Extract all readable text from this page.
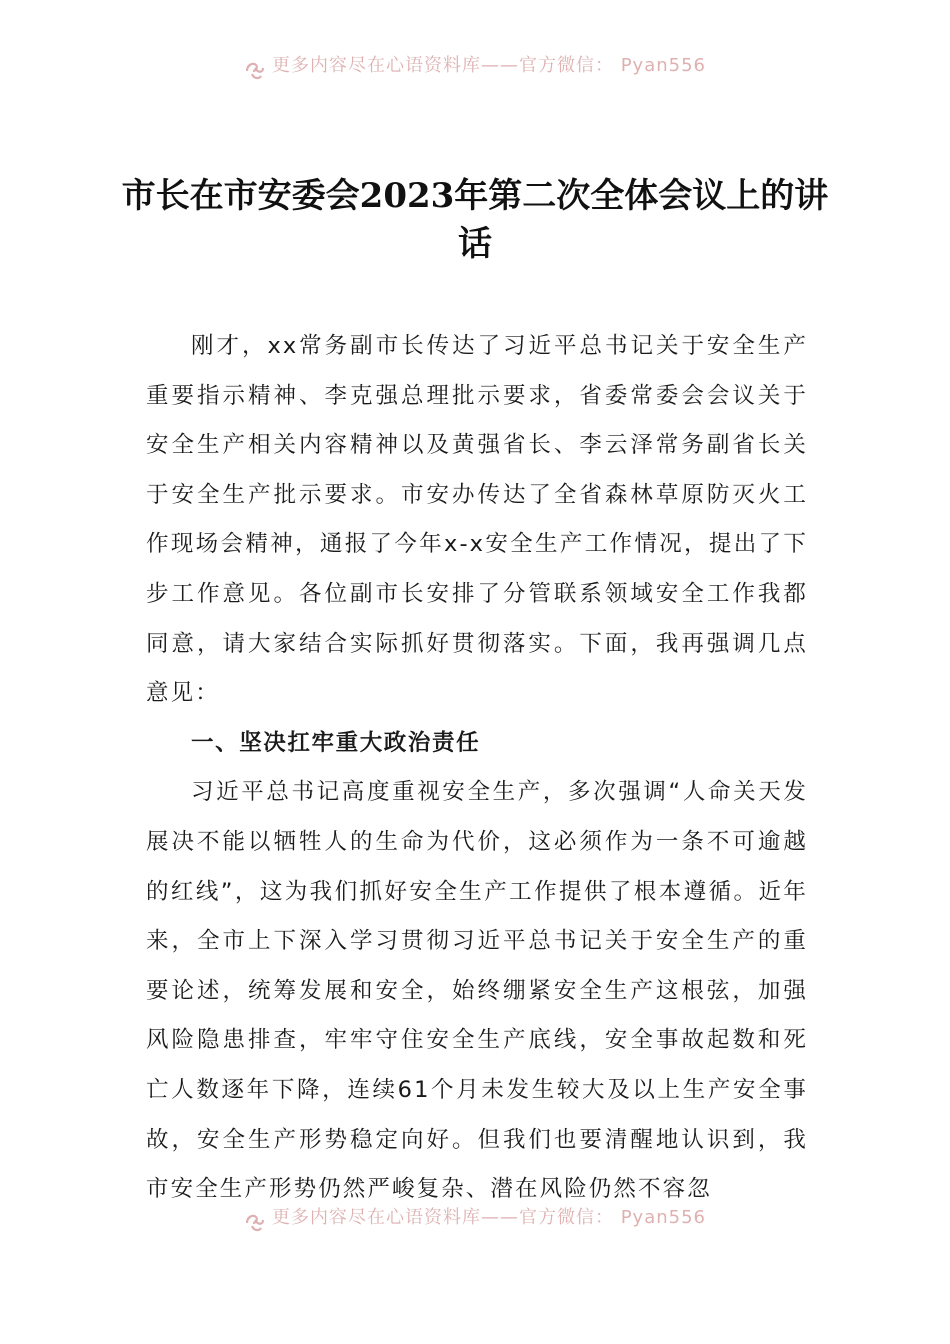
更多内容尽在心语资料库——官方微信： Pyan556
市长在市安委会2023年第二次全体会议上的讲话

刚才，xx常务副市长传达了习近平总书记关于安全生产重要指示精神、李克强总理批示要求，省委常委会会议关于安全生产相关内容精神以及黄强省长、李云泽常务副省长关于安全生产批示要求。市安办传达了全省森林草原防灭火工作现场会精神，通报了今年x-x安全生产工作情况，提出了下步工作意见。各位副市长安排了分管联系领域安全工作我都同意，请大家结合实际抓好贯彻落实。下面，我再强调几点意见：

一、坚决扛牢重大政治责任

习近平总书记高度重视安全生产，多次强调“人命关天发展决不能以牺牲人的生命为代价，这必须作为一条不可逾越的红线”，这为我们抓好安全生产工作提供了根本遵循。近年来，全市上下深入学习贯彻习近平总书记关于安全生产的重要论述，统筹发展和安全，始终绷紧安全生产这根弦，加强风险隐患排查，牢牢守住安全生产底线，安全事故起数和死亡人数逐年下降，连续61个月未发生较大及以上生产安全事故，安全生产形势稳定向好。但我们也要清醒地认识到，我市安全生产形势仍然严峻复杂、潜在风险仍然不容忽

更多内容尽在心语资料库——官方微信： Pyan556
